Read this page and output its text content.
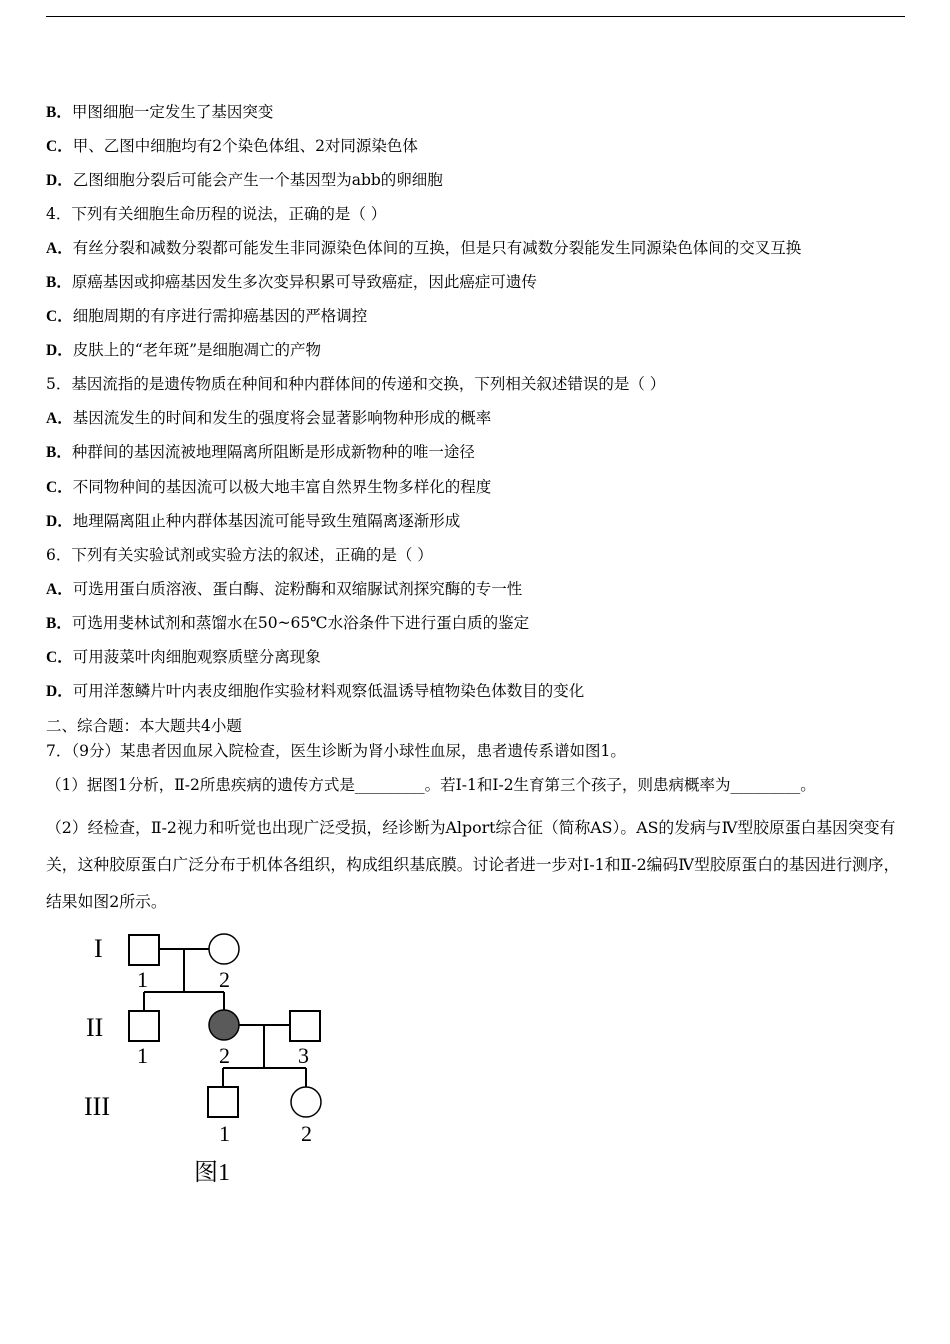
B．甲图细胞一定发生了基因突变
C．甲、乙图中细胞均有2个染色体组、2对同源染色体
D．乙图细胞分裂后可能会产生一个基因型为abb的卵细胞
4．下列有关细胞生命历程的说法，正确的是（ ）
A．有丝分裂和减数分裂都可能发生非同源染色体间的互换，但是只有减数分裂能发生同源染色体间的交叉互换
B．原癌基因或抑癌基因发生多次变异积累可导致癌症，因此癌症可遗传
C．细胞周期的有序进行需抑癌基因的严格调控
D．皮肤上的“老年斑”是细胞凋亡的产物
5．基因流指的是遗传物质在种间和种内群体间的传递和交换，下列相关叙述错误的是（ ）
A．基因流发生的时间和发生的强度将会显著影响物种形成的概率
B．种群间的基因流被地理隔离所阻断是形成新物种的唯一途径
C．不同物种间的基因流可以极大地丰富自然界生物多样化的程度
D．地理隔离阻止种内群体基因流可能导致生殖隔离逐渐形成
6．下列有关实验试剂或实验方法的叙述，正确的是（ ）
A．可选用蛋白质溶液、蛋白酶、淀粉酶和双缩脲试剂探究酶的专一性
B．可选用斐林试剂和蒸馏水在50~65℃水浴条件下进行蛋白质的鉴定
C．可用菠菜叶肉细胞观察质壁分离现象
D．可用洋葱鳞片叶内表皮细胞作实验材料观察低温诱导植物染色体数目的变化
二、综合题：本大题共4小题
7．（9分）某患者因血尿入院检查，医生诊断为肾小球性血尿，患者遗传系谱如图1。
（1）据图1分析，Ⅱ-2所患疾病的遗传方式是_________。若Ⅰ-1和Ⅰ-2生育第三个孩子，则患病概率为_________。
（2）经检查，Ⅱ-2视力和听觉也出现广泛受损，经诊断为Alport综合征（简称AS）。AS的发病与Ⅳ型胶原蛋白基因突变有关，这种胶原蛋白广泛分布于机体各组织，构成组织基底膜。讨论者进一步对Ⅰ-1和Ⅱ-2编码Ⅳ型胶原蛋白的基因进行测序，结果如图2所示。
I
II
III
1	2
1	2	3
1	2
图1
